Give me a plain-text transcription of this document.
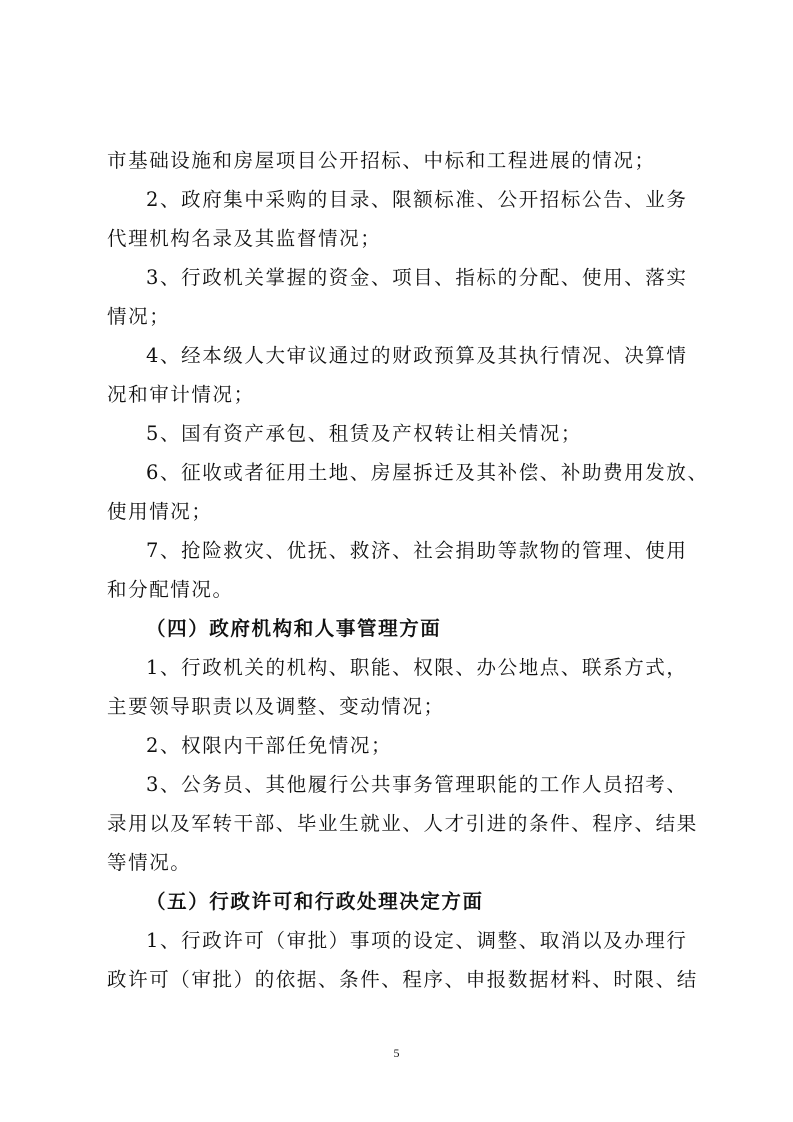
市基础设施和房屋项目公开招标、中标和工程进展的情况；
2、政府集中采购的目录、限额标准、公开招标公告、业务
代理机构名录及其监督情况；
3、行政机关掌握的资金、项目、指标的分配、使用、落实
情况；
4、经本级人大审议通过的财政预算及其执行情况、决算情
况和审计情况；
5、国有资产承包、租赁及产权转让相关情况；
6、征收或者征用土地、房屋拆迁及其补偿、补助费用发放、
使用情况；
7、抢险救灾、优抚、救济、社会捐助等款物的管理、使用
和分配情况。
（四）政府机构和人事管理方面
1、行政机关的机构、职能、权限、办公地点、联系方式，
主要领导职责以及调整、变动情况；
2、权限内干部任免情况；
3、公务员、其他履行公共事务管理职能的工作人员招考、
录用以及军转干部、毕业生就业、人才引进的条件、程序、结果
等情况。
（五）行政许可和行政处理决定方面
1、行政许可（审批）事项的设定、调整、取消以及办理行
政许可（审批）的依据、条件、程序、申报数据材料、时限、结
5
